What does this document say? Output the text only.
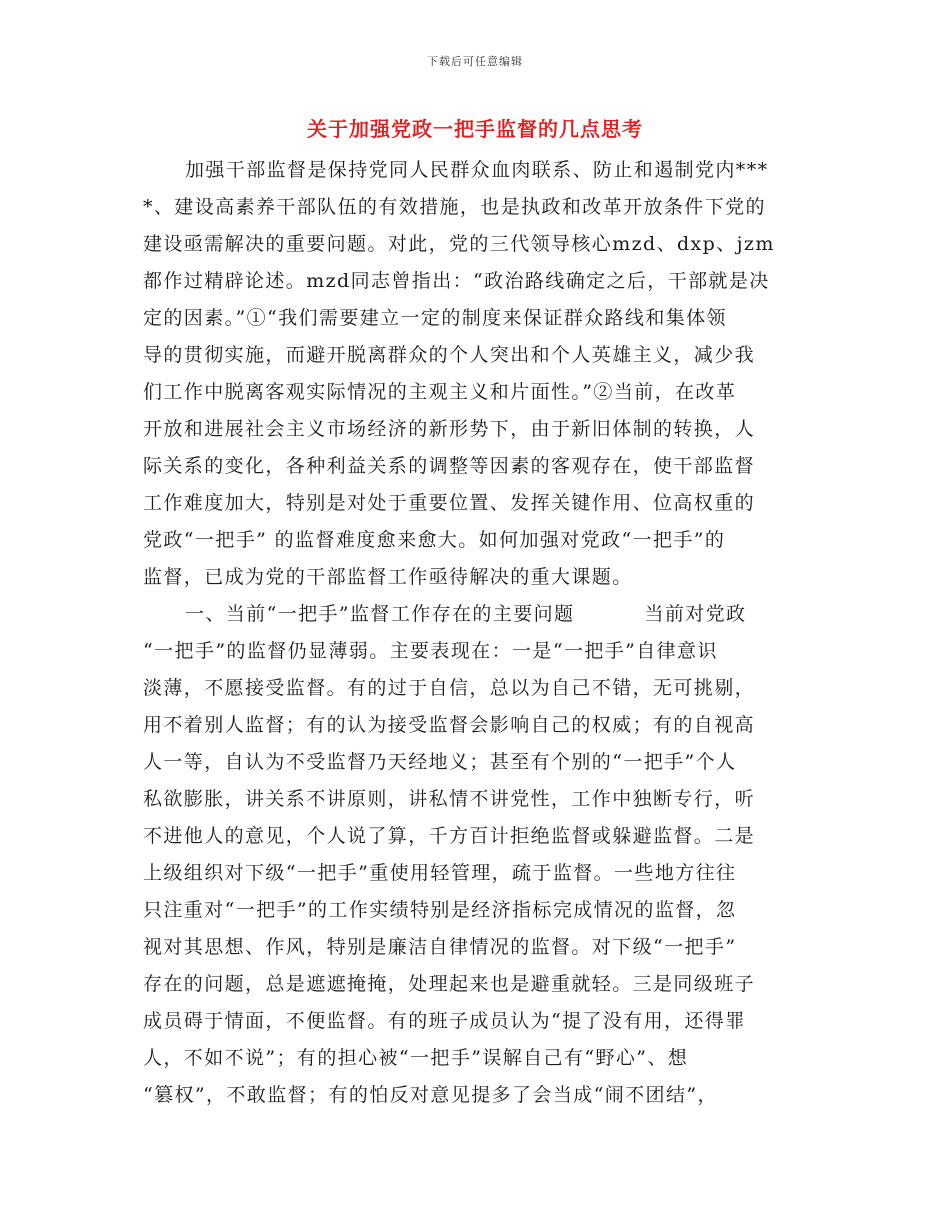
下载后可任意编辑
关于加强党政一把手监督的几点思考
加强干部监督是保持党同人民群众血肉联系、防止和遏制党内***
*、建设高素养干部队伍的有效措施，也是执政和改革开放条件下党的
建设亟需解决的重要问题。对此，党的三代领导核心mzd、dxp、jzm
都作过精辟论述。mzd同志曾指出：“政治路线确定之后，干部就是决
定的因素。”①“我们需要建立一定的制度来保证群众路线和集体领
导的贯彻实施，而避开脱离群众的个人突出和个人英雄主义，减少我
们工作中脱离客观实际情况的主观主义和片面性。”②当前，在改革
开放和进展社会主义市场经济的新形势下，由于新旧体制的转换，人
际关系的变化，各种利益关系的调整等因素的客观存在，使干部监督
工作难度加大，特别是对处于重要位置、发挥关键作用、位高权重的
党政“一把手” 的监督难度愈来愈大。如何加强对党政“一把手”的
监督，已成为党的干部监督工作亟待解决的重大课题。
一、当前“一把手”监督工作存在的主要问题	当前对党政
“一把手”的监督仍显薄弱。主要表现在：一是“一把手”自律意识
淡薄，不愿接受监督。有的过于自信，总以为自己不错，无可挑剔，
用不着别人监督；有的认为接受监督会影响自己的权威；有的自视高
人一等，自认为不受监督乃天经地义；甚至有个别的“一把手”个人
私欲膨胀，讲关系不讲原则，讲私情不讲党性，工作中独断专行，听
不进他人的意见，个人说了算，千方百计拒绝监督或躲避监督。二是
上级组织对下级“一把手”重使用轻管理，疏于监督。一些地方往往
只注重对“一把手”的工作实绩特别是经济指标完成情况的监督，忽
视对其思想、作风，特别是廉洁自律情况的监督。对下级“一把手”
存在的问题，总是遮遮掩掩，处理起来也是避重就轻。三是同级班子
成员碍于情面，不便监督。有的班子成员认为“提了没有用，还得罪
人，不如不说”；有的担心被“一把手”误解自己有“野心”、想
“篡权”，不敢监督；有的怕反对意见提多了会当成“闹不团结”，
